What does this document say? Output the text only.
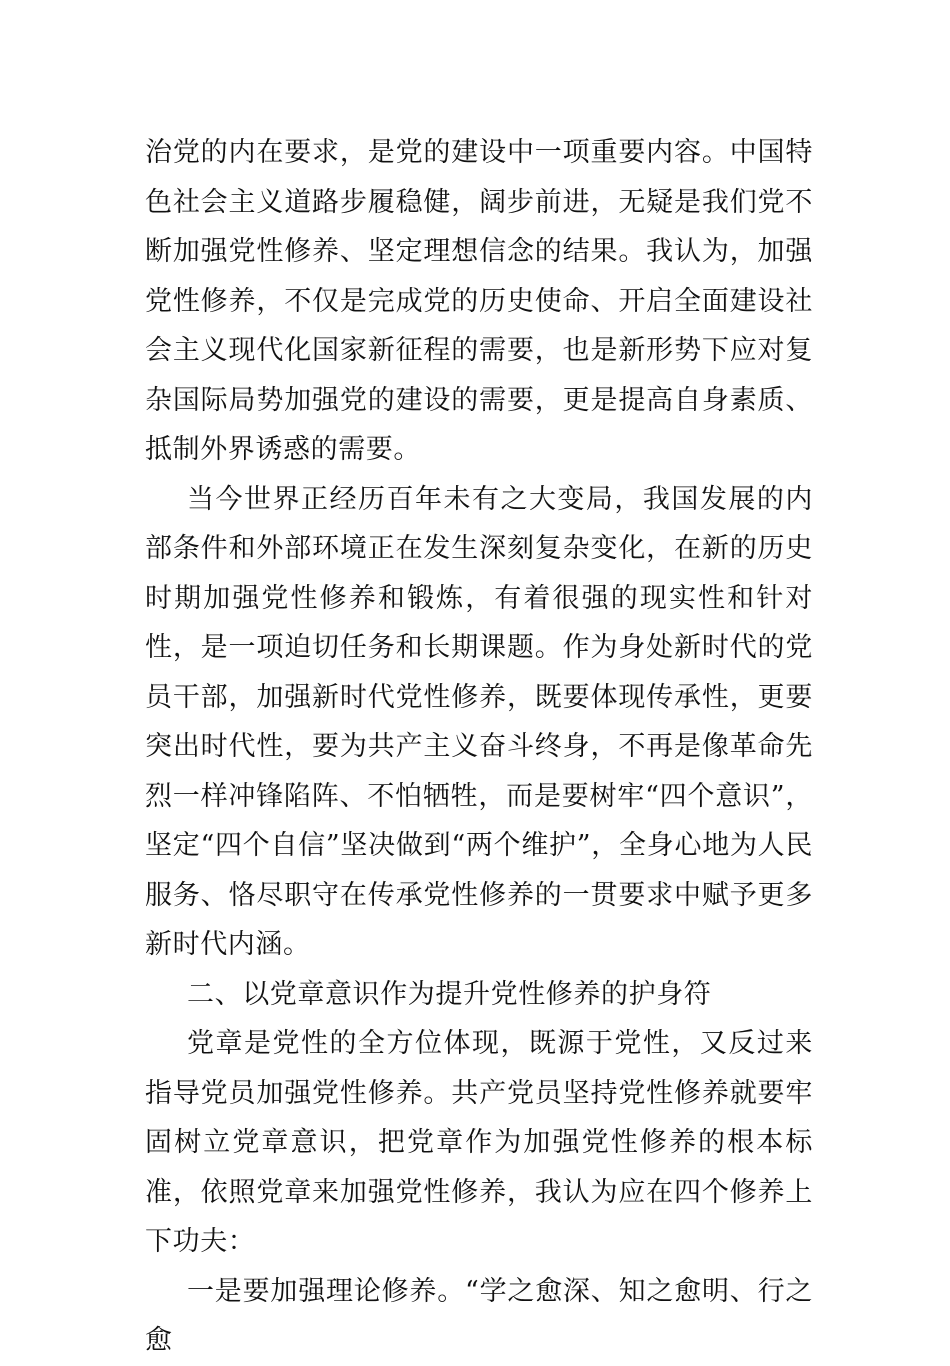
治党的内在要求，是党的建设中一项重要内容。中国特色社会主义道路步履稳健，阔步前进，无疑是我们党不断加强党性修养、坚定理想信念的结果。我认为，加强党性修养，不仅是完成党的历史使命、开启全面建设社会主义现代化国家新征程的需要，也是新形势下应对复杂国际局势加强党的建设的需要，更是提高自身素质、抵制外界诱惑的需要。

当今世界正经历百年未有之大变局，我国发展的内部条件和外部环境正在发生深刻复杂变化，在新的历史时期加强党性修养和锻炼，有着很强的现实性和针对性，是一项迫切任务和长期课题。作为身处新时代的党员干部，加强新时代党性修养，既要体现传承性，更要突出时代性，要为共产主义奋斗终身，不再是像革命先烈一样冲锋陷阵、不怕牺牲，而是要树牢“四个意识”，坚定“四个自信”坚决做到“两个维护”，全身心地为人民服务、恪尽职守在传承党性修养的一贯要求中赋予更多新时代内涵。

二、以党章意识作为提升党性修养的护身符

党章是党性的全方位体现，既源于党性，又反过来指导党员加强党性修养。共产党员坚持党性修养就要牢固树立党章意识，把党章作为加强党性修养的根本标准，依照党章来加强党性修养，我认为应在四个修养上下功夫：

一是要加强理论修养。“学之愈深、知之愈明、行之愈
